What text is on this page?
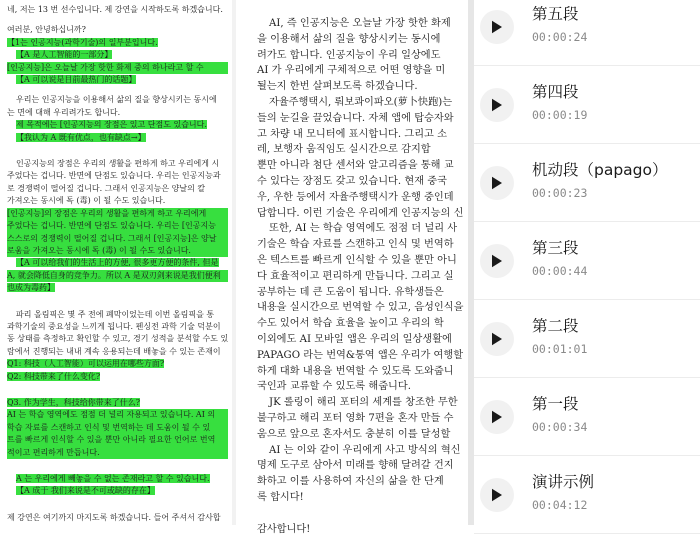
네, 저는 13 번 선수입니다. 제 강연을 시작하도록 하겠습니다.
여러분, 안녕하십니까?
【1는 인공지능(과학기술)의 일부분입니다.
【A 是人工智能的一部分】
[인공지능]은 오늘날 가장 핫한 화제 중의 하나라고 할 수
【A 可以说是目前最热门的话题】
우리는 인공지능을 이용해서 삶의 질을 향상시키는 동시에
는 면에 대해 우리려가도 합니다.
제 목적에는 [인공지능의 장점은 있고 단점도 있습니다.
【我认为 A 既有优点，也有缺点→】
인공지능의 장점은 우리의 생활을 편하게 하고 우리에게 시
주었다는 겁니다. 반면에 단점도 있습니다. 우리는 인공지능과
로 경쟁력이 떨어질 겁니다. 그래서 인공지능은 양날의 칼
가져오는 동시에 독 (毒) 이 될 수도 있습니다.
[인공지능]의 장점은 우리의 생활을 편하게 하고 우리에게
주었다는 겁니다. 반면에 단점도 있습니다. 우리는 [인공지능
스스로의 경쟁력이 떨어질 겁니다. 그래서 [인공지능]은 양날
로움을 가져오는 동시에 독 (毒) 이 될 수도 있습니다.
【A 可以给我们的生活上的方便, 很多更方便的条件, 但是
A, 就会降低自身的竞争力。所以 A 是双刃剑来说是我们便利
也成为毒药】
파리 올림픽은 몇 주 전에 폐막이었는데 이번 올림픽을 통
과학기술의 중요성을 느끼게 됩니다. 펜싱전 과학 기술 덕분이
동 상태를 측정하고 확인할 수 있고, 경기 성적을 분석할 수도 있
람에서 진행되는 내내 계속 응용되는데 배놓을 수 있는 존재이
Q1: 科技（人工智能）可以运用在哪些方面?
Q2: 科技带来了什么变化?
Q3. 作为学生，科技给你带来了什么?
AI 는 학습 영역에도 점점 더 널리 자용되고 있습니다. AI 의
학습 자료를 스캔하고 인식 및 번역하는 데 도움이 될 수 있
트를 빠르게 인식할 수 있을 뿐만 아니라 필요한 언어로 번역
적이고 편리하게 만듭니다.
A 는 우리에게 빼놓을 수 없는 존재라고 할 수 있습니다.
【A 成于 我们来说是不可或缺的存在】
제 강연은 여기까지 마지도록 하겠습니다. 들어 주셔서 감사합
AI, 즉 인공지능은 오늘날 가장 핫한 화제
을 이용해서 삶의 질을 향상시키는 동시에
려가도 합니다. 인공지능이 우리 일상에도
AI 가 우리에게 구체적으로 어떤 영향을 미
될는지 한번 살펴보도록 하겠습니다.
자율주행택시, 뤄보콰이파오(萝卜快跑)는
들의 눈길을 끌었습니다. 자체 앱에 탑승자와
고 차량 내 모니터에 표시합니다. 그리고 소
레, 보행자 움직임도 실시간으로 감지합
뿐만 아니라 첨단 센서와 알고리즘을 통해 교
수 있다는 장점도 갖고 있습니다. 현재 중국
우, 우한 등에서 자율주행택시가 운행 중인데
답합니다. 이런 기술은 우리에게 인공지능의 신
또한, AI 는 학습 영역에도 점점 더 널리 사
기술은 학습 자료를 스캔하고 인식 및 번역하
은 텍스트를 빠르게 인식할 수 있을 뿐만 아니
다 효율적이고 편리하게 만듭니다. 그리고 실
공부하는 데 큰 도움이 됩니다. 유학생들은
내용을 실시간으로 번역할 수 있고, 음성인식을
수도 있어서 학습 효율을 높이고 우리의 학
이외에도 AI 모바일 앱은 우리의 일상생활에
PAPAGO 라는 번역&통역 앱은 우리가 여행할
하게 대화 내용을 번역할 수 있도록 도와줍니
국인과 교류할 수 있도록 해줍니다.
JK 롤링이 해리 포터의 세계를 창조한 무한
불구하고 해리 포터 영화 7편을 혼자 만들 수
움으로 앞으로 혼자서도 충분히 이를 달성할
AI 는 이와 같이 우리에게 사고 방식의 혁신
명제 도구로 삼아서 미래를 향해 달려갈 건지
화하고 이를 사용하여 자신의 삶을 한 단계
록 합시다!
감사합니다!
第五段
00:00:24
第四段
00:00:19
机动段（papago）
00:00:23
第三段
00:00:44
第二段
00:01:01
第一段
00:00:34
演讲示例
00:04:12
